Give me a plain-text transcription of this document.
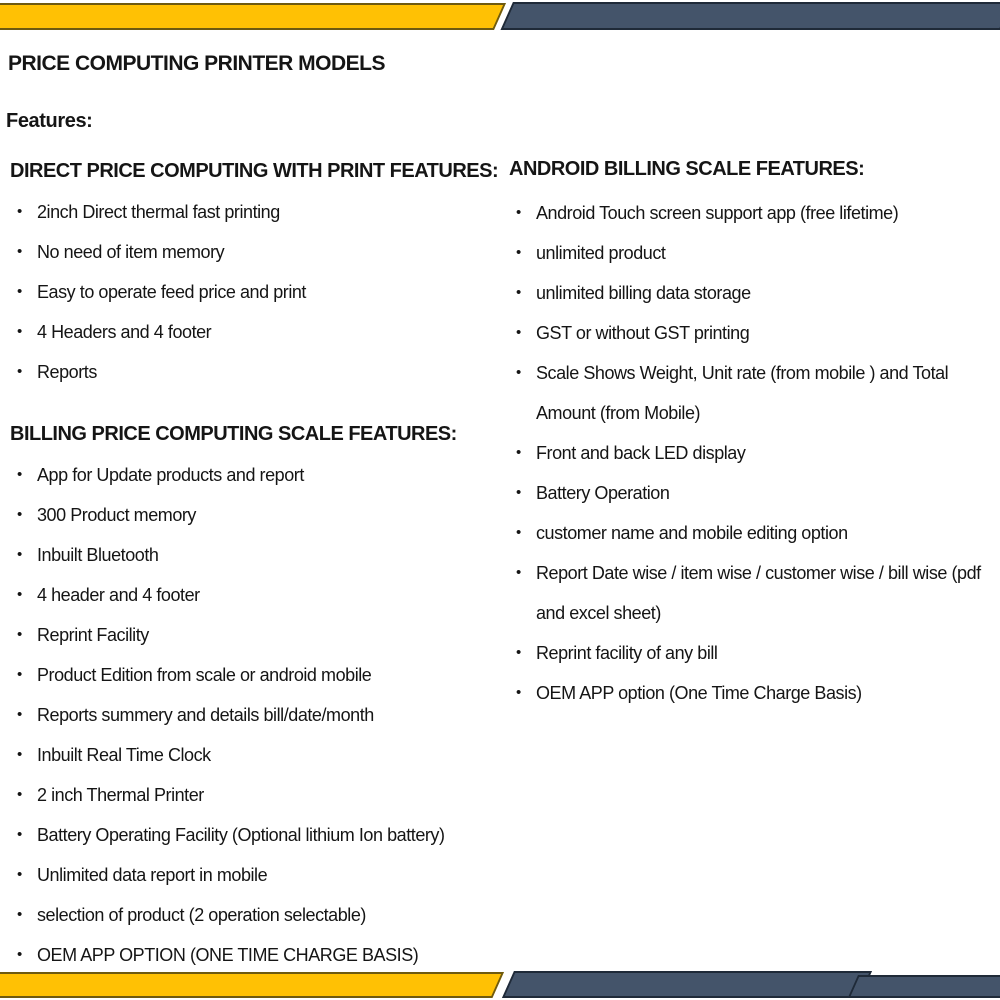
PRICE COMPUTING PRINTER MODELS
Features:
DIRECT PRICE COMPUTING WITH PRINT FEATURES:
• 2inch Direct thermal fast printing
• No need of item memory
• Easy to operate feed price and print
• 4 Headers and 4 footer
• Reports
BILLING PRICE COMPUTING SCALE FEATURES:
• App for Update products and report
• 300 Product memory
• Inbuilt Bluetooth
• 4 header and 4 footer
• Reprint Facility
• Product Edition from scale or android mobile
• Reports summery and details bill/date/month
• Inbuilt Real Time Clock
• 2 inch Thermal Printer
• Battery Operating Facility (Optional lithium Ion battery)
• Unlimited data report in mobile
• selection of product (2 operation selectable)
• OEM APP OPTION (ONE TIME CHARGE BASIS)
ANDROID BILLING SCALE FEATURES:
• Android Touch screen support app (free lifetime)
• unlimited product
• unlimited billing data storage
• GST or without GST printing
• Scale Shows Weight, Unit rate (from mobile ) and Total Amount (from Mobile)
• Front and back LED display
• Battery Operation
• customer name and mobile editing option
• Report Date wise / item wise / customer wise / bill wise (pdf and excel sheet)
• Reprint facility of any bill
• OEM APP option (One Time Charge Basis)
